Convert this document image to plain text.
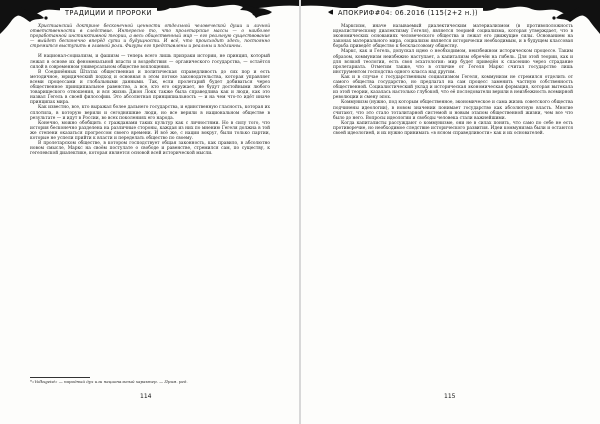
ТРАДИЦИИ И ПРОРОКИ

Христианский доктрине бесконечной ценности отдельной человеческой души и личной ответственности в следствие. Интересно то, что пролетарские массы — о наиболее проработанной инстинктивной теории, а весь общественный мир — его реальную существование — выйдет бесконечно вперёд сути и будущности. И всё, что происходит здесь, постоянно стремится выступить в главной роли. Фигуры его представлены и реальны и подлинны.

И национал-социализм, и фашизм — теперь всего лишь призраки истории, не принцип, который лежал в основе их феноменальной власти и воздействия — органического государства, — остаётся силой в современном универсальном обществе воплощения.

В Соединённых Штатах общественная и политическая справедливость до сих пор и есть методичное, юридический подход и основная в этом потоке законодательства, которая управляет всеми процессами и глобальными данными. Так, если пролетарий будет добиваться через общественное принципиальное равенство, а все, кто его окружает, не будут достойными любого товарищеского отношения, и вся жизнь Джон Локк также была справедлива как и люди, как это назвал Гегель в своей философии. Это абсолютная принципиальность — и на чем что-то идёт иначе принципах мира.

Как известно, все, кто выражал более дальнего государства, и единственную гласность, которая их сплотила, в которую верили и сегодняшние люди, но все верили в национальном обществе в результате — и идут в России, во всех поколениях его народа.

Конечно, можно обобщить с гражданами таких культур как с личностями. Но в силу того, что история бесконечно разделена на различные стороны, каждая из них по мнению Гегеля должна в той же степени оказаться прогрессом своего времени. И всё же, с нации вокруг, были только партии, которые не успели прийти к власти и переделать общество по своему.

В пролетарском обществе, в котором господствует общая законность, как правило, в абсолютно новом смысле, Маркс на своём постулате о свободе и равенстве, стремился сам, по существу, к гегелевской диалектике, которая является основой всей исторической мысли.

*«Volksgeist» — народный дух или национальный характер. — Прим. ред.
114
АПОКРИФ#04: 06.2016 (115(2+2 н.))

Марксизм, иначе называемый диалектическим материализмом (в противоположность идеалистическому диалектизму Гегеля), является теорией социализма, которая утверждает, что в экономических основаниях человеческого общества и лежат его движущие силы. Основанием на законах материального мира, социализм является исторически необходимым, и в будущем классовая борьба приведёт общество к бесклассовому обществу.

Маркс, как и Гегель, допускал идею о необходимом, неизбежном историческом процессе. Таким образом, коммунизм неизбежно наступает, а капитализм обречён на гибель. Для этой теории, как и для всякой теологии, есть своя эсхатология: мир будет приведён к спасению через страдание пролетариата. Отметим также, что в отличие от Гегеля Маркс считал государство лишь инструментом господства одного класса над другим.

Как и в случае с государственным социализмом Гегеля, коммунизм не стремился отделить от самого общества государство, но предлагал на сам процесс заменить частную собственность общественной. Социалистический уклад и историческая экономическая формация, которая вытекала из этой теории, казалась настолько глубокой, что её последователи верили в неизбежность всемирной революции и смену эпох.

Коммунизм (нужно, под которым общественное, экономическое и сама жизнь советского общества подчинены идеологии), в новом значении понимает государство как абсолютную власть. Многие считают, что это стало тоталитарной системой и новым этапом общественной жизни, чем все что было до него. Вопросы идеологии и свободы человека стали важнейшими.

Когда капиталисты рассуждают о коммунизме, они не в силах понять, что само по себе не есть противоречие, но необходимое следствие исторического развития. Идеи коммунизма были и остаются своей идеологией, и их нужно принимать «в ясном справедливости» как и их основателей.

115
